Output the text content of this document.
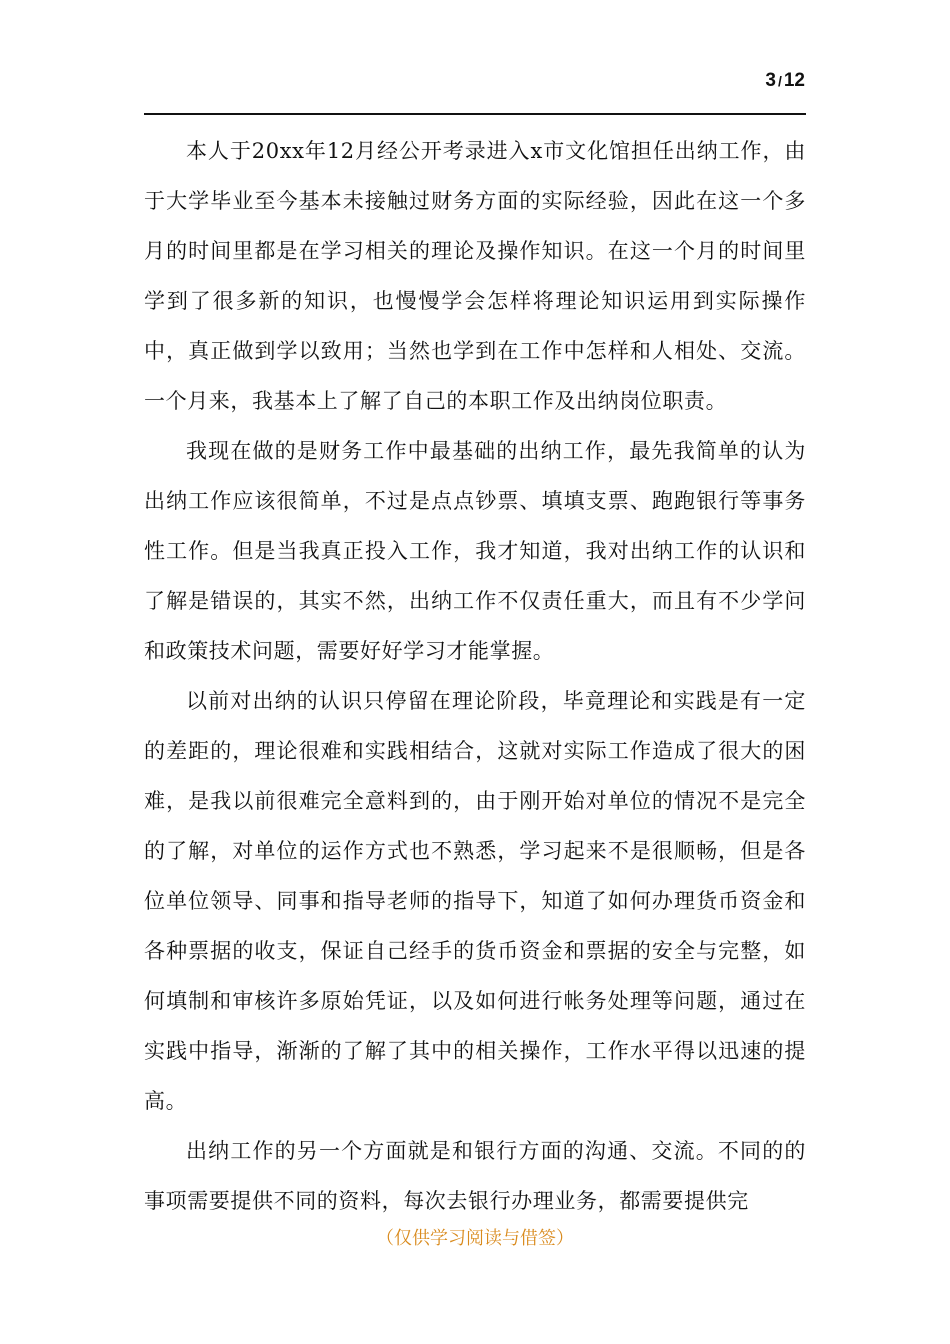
3 / 12

本人于20xx年12月经公开考录进入x市文化馆担任出纳工作，由于大学毕业至今基本未接触过财务方面的实际经验，因此在这一个多月的时间里都是在学习相关的理论及操作知识。在这一个月的时间里学到了很多新的知识，也慢慢学会怎样将理论知识运用到实际操作中，真正做到学以致用；当然也学到在工作中怎样和人相处、交流。一个月来，我基本上了解了自己的本职工作及出纳岗位职责。

我现在做的是财务工作中最基础的出纳工作，最先我简单的认为出纳工作应该很简单，不过是点点钞票、填填支票、跑跑银行等事务性工作。但是当我真正投入工作，我才知道，我对出纳工作的认识和了解是错误的，其实不然，出纳工作不仅责任重大，而且有不少学问和政策技术问题，需要好好学习才能掌握。

以前对出纳的认识只停留在理论阶段，毕竟理论和实践是有一定的差距的，理论很难和实践相结合，这就对实际工作造成了很大的困难，是我以前很难完全意料到的，由于刚开始对单位的情况不是完全的了解，对单位的运作方式也不熟悉，学习起来不是很顺畅，但是各位单位领导、同事和指导老师的指导下，知道了如何办理货币资金和各种票据的收支，保证自己经手的货币资金和票据的安全与完整，如何填制和审核许多原始凭证，以及如何进行帐务处理等问题，通过在实践中指导，渐渐的了解了其中的相关操作，工作水平得以迅速的提高。

出纳工作的另一个方面就是和银行方面的沟通、交流。不同的的事项需要提供不同的资料，每次去银行办理业务，都需要提供完

（仅供学习阅读与借签）
